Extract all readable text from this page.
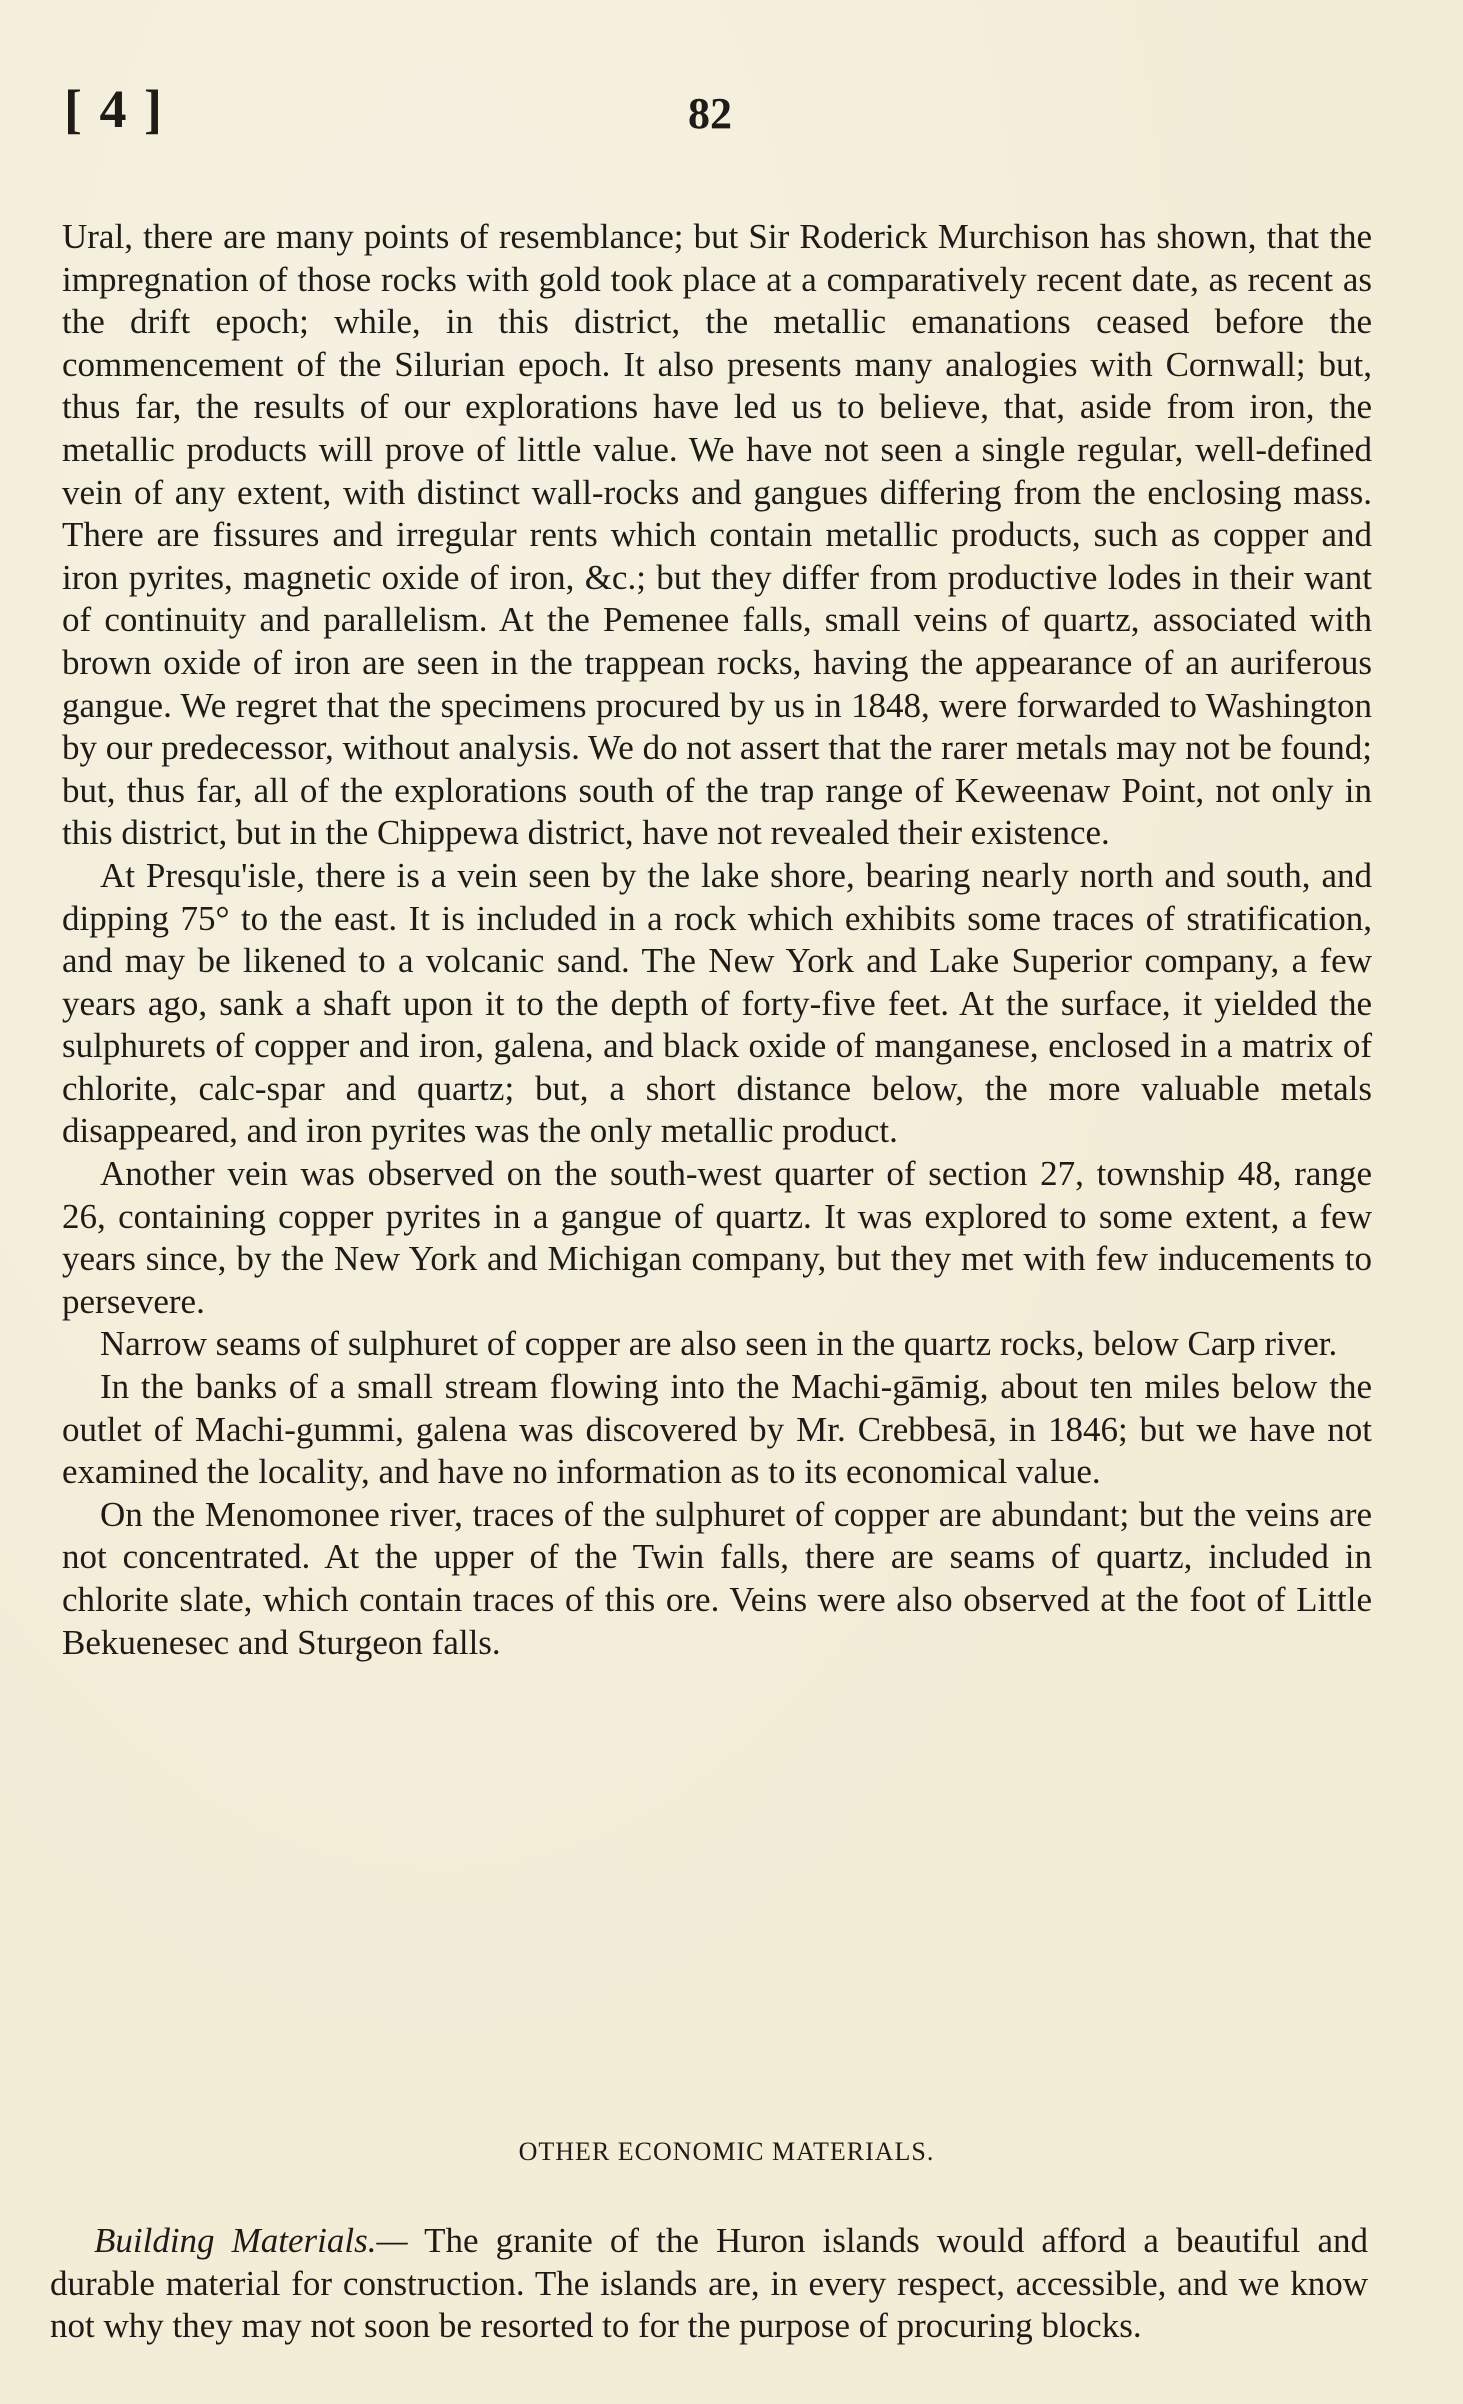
[ 4 ]	82

Ural, there are many points of resemblance; but Sir Roderick Murchison has shown, that the impregnation of those rocks with gold took place at a comparatively recent date, as recent as the drift epoch; while, in this district, the metallic emanations ceased before the commencement of the Silurian epoch. It also presents many analogies with Cornwall; but, thus far, the results of our explorations have led us to believe, that, aside from iron, the metallic products will prove of little value. We have not seen a single regular, well-defined vein of any extent, with distinct wall-rocks and gangues differing from the enclosing mass. There are fissures and irregular rents which contain metallic products, such as copper and iron pyrites, magnetic oxide of iron, &c.; but they differ from productive lodes in their want of continuity and parallelism. At the Pemenee falls, small veins of quartz, associated with brown oxide of iron are seen in the trappean rocks, having the appearance of an auriferous gangue. We regret that the specimens procured by us in 1848, were forwarded to Washington by our predecessor, without analysis. We do not assert that the rarer metals may not be found; but, thus far, all of the explorations south of the trap range of Keweenaw Point, not only in this district, but in the Chippewa district, have not revealed their existence.

At Presqu'isle, there is a vein seen by the lake shore, bearing nearly north and south, and dipping 75° to the east. It is included in a rock which exhibits some traces of stratification, and may be likened to a volcanic sand. The New York and Lake Superior company, a few years ago, sank a shaft upon it to the depth of forty-five feet. At the surface, it yielded the sulphurets of copper and iron, galena, and black oxide of manganese, enclosed in a matrix of chlorite, calc-spar and quartz; but, a short distance below, the more valuable metals disappeared, and iron pyrites was the only metallic product.

Another vein was observed on the south-west quarter of section 27, township 48, range 26, containing copper pyrites in a gangue of quartz. It was explored to some extent, a few years since, by the New York and Michigan company, but they met with few inducements to persevere.

Narrow seams of sulphuret of copper are also seen in the quartz rocks, below Carp river.

In the banks of a small stream flowing into the Machi-gāmig, about ten miles below the outlet of Machi-gummi, galena was discovered by Mr. Crebbesā, in 1846; but we have not examined the locality, and have no information as to its economical value.

On the Menomonee river, traces of the sulphuret of copper are abundant; but the veins are not concentrated. At the upper of the Twin falls, there are seams of quartz, included in chlorite slate, which contain traces of this ore. Veins were also observed at the foot of Little Bekuenesec and Sturgeon falls.

OTHER ECONOMIC MATERIALS.

Building Materials.— The granite of the Huron islands would afford a beautiful and durable material for construction. The islands are, in every respect, accessible, and we know not why they may not soon be resorted to for the purpose of procuring blocks.
